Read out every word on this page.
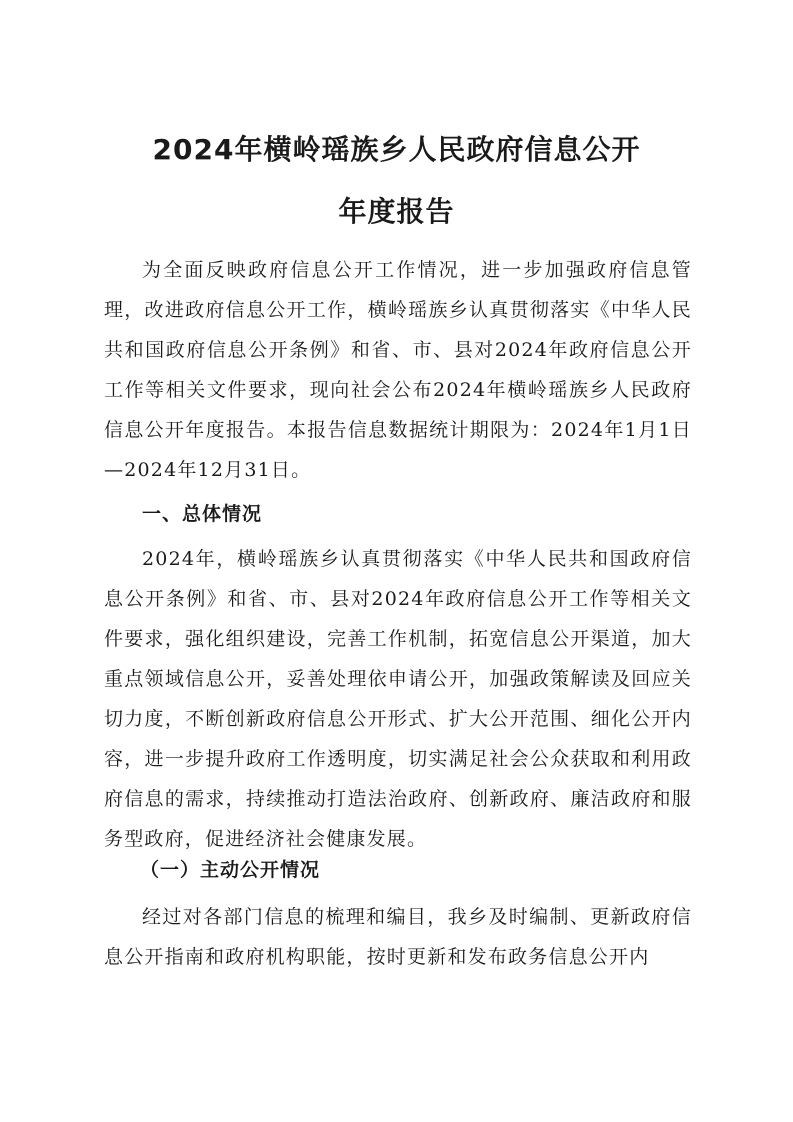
2024年横岭瑶族乡人民政府信息公开
年度报告

为全面反映政府信息公开工作情况，进一步加强政府信息管理，改进政府信息公开工作，横岭瑶族乡认真贯彻落实《中华人民共和国政府信息公开条例》和省、市、县对2024年政府信息公开工作等相关文件要求，现向社会公布2024年横岭瑶族乡人民政府信息公开年度报告。本报告信息数据统计期限为：2024年1月1日—2024年12月31日。

一、总体情况

2024年，横岭瑶族乡认真贯彻落实《中华人民共和国政府信息公开条例》和省、市、县对2024年政府信息公开工作等相关文件要求，强化组织建设，完善工作机制，拓宽信息公开渠道，加大重点领域信息公开，妥善处理依申请公开，加强政策解读及回应关切力度，不断创新政府信息公开形式、扩大公开范围、细化公开内容，进一步提升政府工作透明度，切实满足社会公众获取和利用政府信息的需求，持续推动打造法治政府、创新政府、廉洁政府和服务型政府，促进经济社会健康发展。

（一）主动公开情况

经过对各部门信息的梳理和编目，我乡及时编制、更新政府信息公开指南和政府机构职能，按时更新和发布政务信息公开内
